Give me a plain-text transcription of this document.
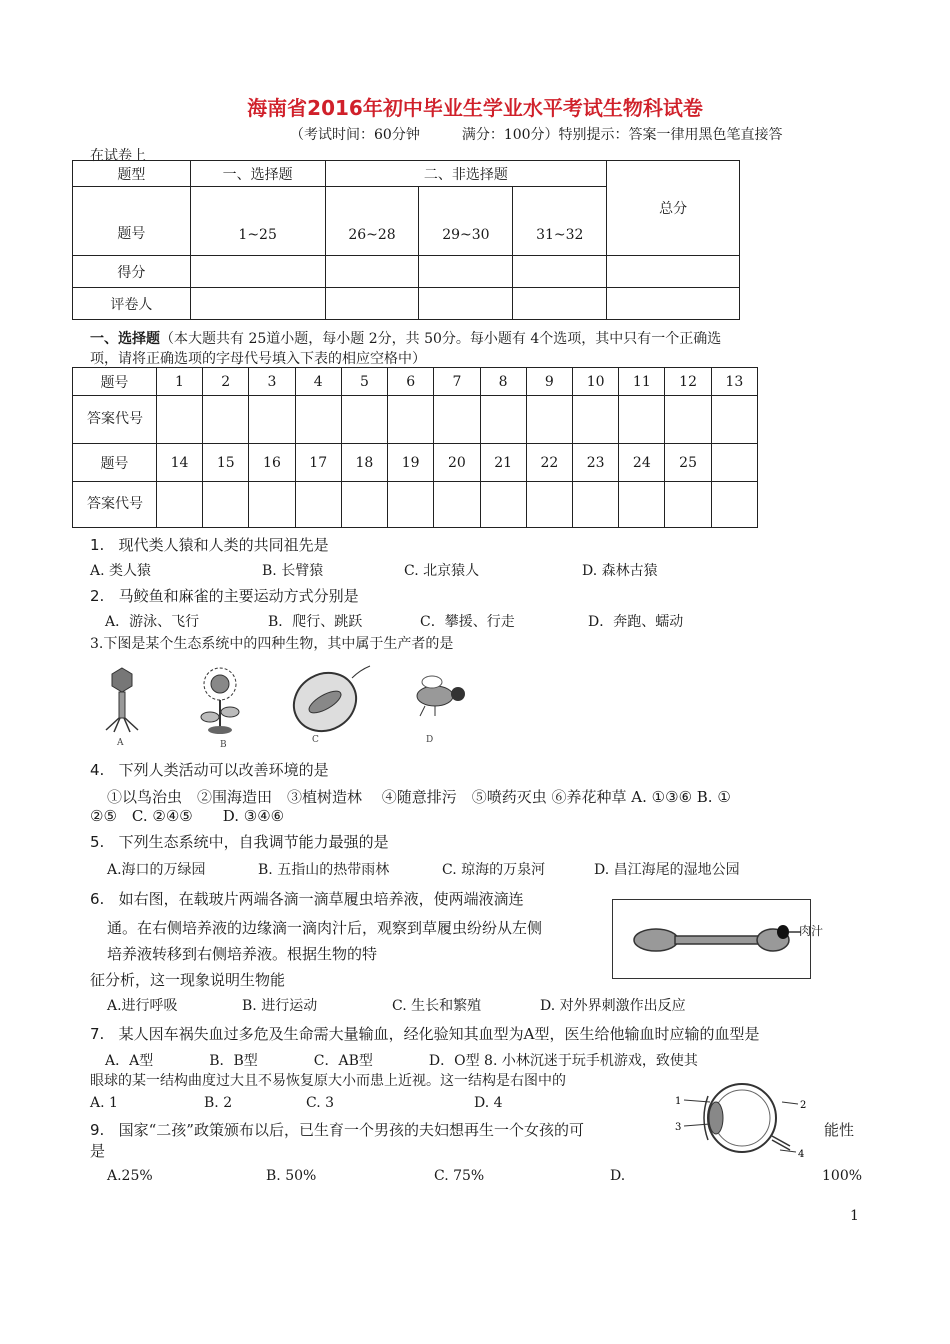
海南省2016年初中毕业生学业水平考试生物科试卷
（考试时间：60分钟　　　满分：100分）特别提示：答案一律用黑色笔直接答
在试卷上
题型	一、选择题	二、非选择题			总分
题号	1~25	26~28	29~30	31~32	
得分					
评卷人					
一、选择题（本大题共有 25道小题，每小题 2分，共 50分。每小题有 4个选项，其中只有一个正确选
项，请将正确选项的字母代号填入下表的相应空格中）
题号	1	2	3	4	5	6	7	8	9	10	11	12	13
答案代号													
题号	14	15	16	17	18	19	20	21	22	23	24	25	
答案代号													
1. 现代类人猿和人类的共同祖先是
A. 类人猿	B. 长臂猿	C. 北京猿人	D. 森林古猿
2. 马鲛鱼和麻雀的主要运动方式分别是
A．游泳、飞行	B．爬行、跳跃	C．攀援、行走	D．奔跑、蠕动
3.下图是某个生态系统中的四种生物，其中属于生产者的是
A	B	C	D
4. 下列人类活动可以改善环境的是
①以鸟治虫　②围海造田　③植树造林　 ④随意排污　⑤喷药灭虫 ⑥养花种草 A. ①③⑥ B. ①
②⑤　C. ②④⑤　　D. ③④⑥
5. 下列生态系统中，自我调节能力最强的是
A.海口的万绿园	B. 五指山的热带雨林	C. 琼海的万泉河	D. 昌江海尾的湿地公园
6. 如右图，在载玻片两端各滴一滴草履虫培养液，使两端液滴连
通。在右侧培养液的边缘滴一滴肉汁后，观察到草履虫纷纷从左侧
培养液转移到右侧培养液。根据生物的特
征分析，这一现象说明生物能
肉汁
A.进行呼吸	B. 进行运动	C. 生长和繁殖	D. 对外界刺激作出反应
7. 某人因车祸失血过多危及生命需大量输血，经化验知其血型为A型，医生给他输血时应输的血型是
A．A型　　　　B．B型　　　　C．AB型　　　　D．O型 8. 小林沉迷于玩手机游戏，致使其
眼球的某一结构曲度过大且不易恢复原大小而患上近视。这一结构是右图中的
A. 1	B. 2	C. 3	D. 4	1	2
3
4
9. 国家“二孩”政策颁布以后，已生育一个男孩的夫妇想再生一个女孩的可	能性
是
A.25%	B. 50%	C. 75%	D.	100%
1
